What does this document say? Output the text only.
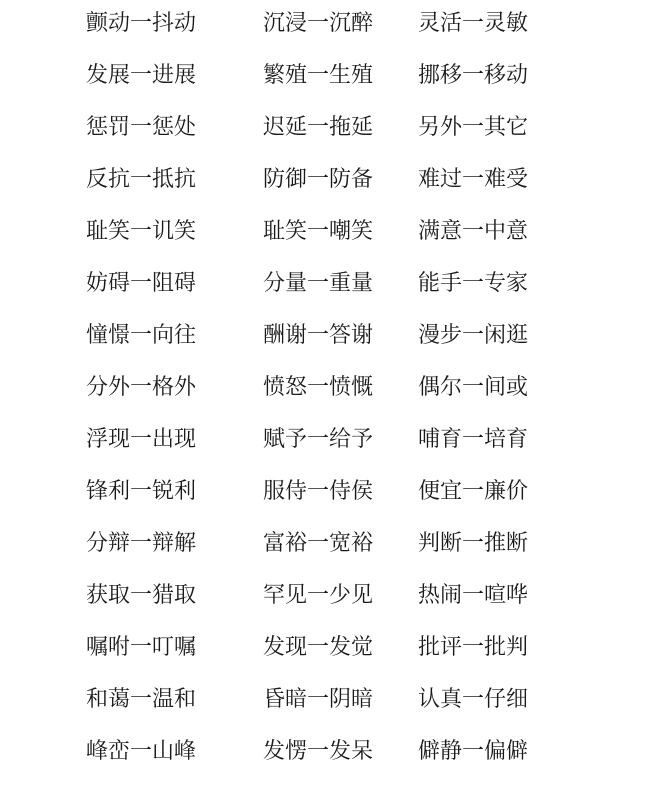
颤动一抖动	沉浸一沉醉 灵活一灵敏
发展一进展	繁殖一生殖 挪移一移动
惩罚一惩处	迟延一拖延 另外一其它
反抗一抵抗	防御一防备 难过一难受
耻笑一讥笑	耻笑一嘲笑 满意一中意
妨碍一阻碍	分量一重量 能手一专家
憧憬一向往	酬谢一答谢 漫步一闲逛
分外一格外	愤怒一愤慨 偶尔一间或
浮现一出现	赋予一给予 哺育一培育
锋利一锐利	服侍一侍侯 便宜一廉价
分辩一辩解	富裕一宽裕 判断一推断
获取一猎取	罕见一少见 热闹一喧哗
嘱咐一叮嘱	发现一发觉 批评一批判
和蔼一温和	昏暗一阴暗 认真一仔细
峰峦一山峰	发愣一发呆 僻静一偏僻
